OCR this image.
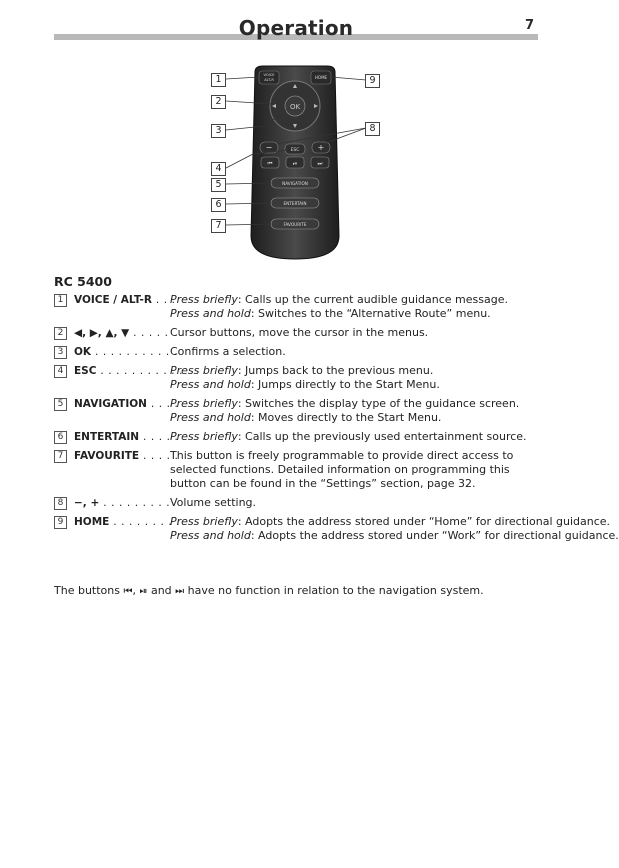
Operation	7
VOICE
ALT-R	HOME
OK
−	ESC +
⏮	⏯	⏭
NAVIGATION
ENTERTAIN
FAVOURITE
1
2
3
4
5
6
7
8
9
RC 5400
1	VOICE / ALT-R . . .
Press briefly: Calls up the current audible guidance message.
Press and hold: Switches to the “Alternative Route” menu.
2	◀, ▶, ▲, ▼ . . . . . Cursor buttons, move the cursor in the menus.
3	OK . . . . . . . . . . .
Confirms a selection.
4	ESC . . . . . . . . . . .
Press briefly: Jumps back to the previous menu.
Press and hold: Jumps directly to the Start Menu.
5	NAVIGATION . . . .
Press briefly: Switches the display type of the guidance screen.
Press and hold: Moves directly to the Start Menu.
6	ENTERTAIN . . . . .
Press briefly: Calls up the previously used entertainment source.
7	FAVOURITE . . . . .
This button is freely programmable to provide direct access to selected functions. Detailed information on programming this button can be found in the “Settings” section, page 32.
8	−, + . . . . . . . . . Volume setting.
9	HOME . . . . . . . . .
Press briefly: Adopts the address stored under “Home” for directional guidance.
Press and hold: Adopts the address stored under “Work” for directional guidance.
The buttons ⏮, ⏯ and ⏭ have no function in relation to the navigation system.
